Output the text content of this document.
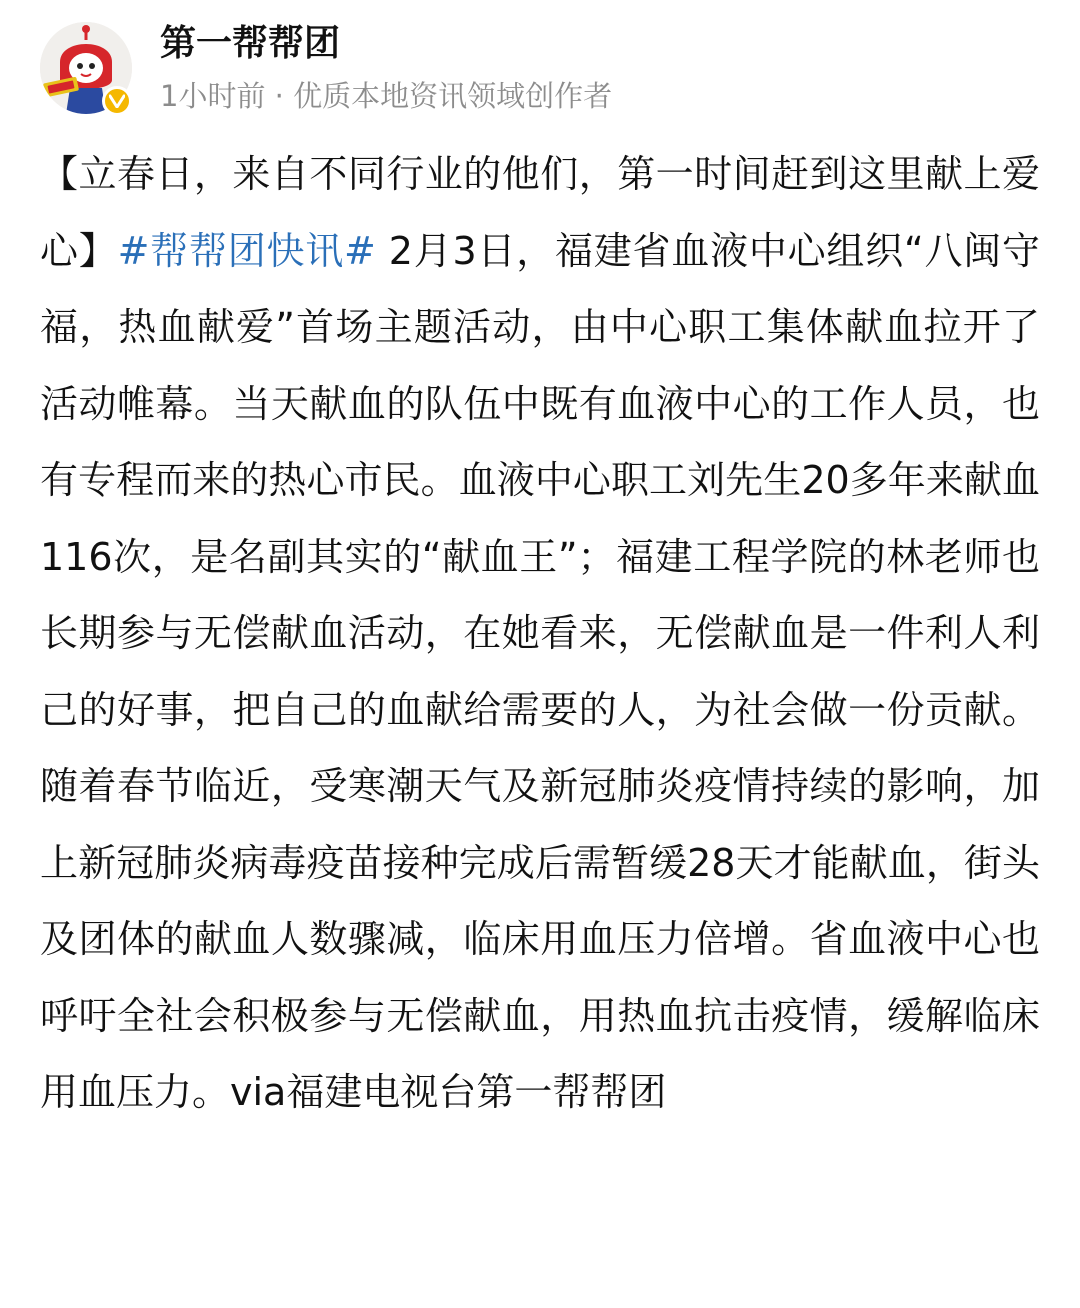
第一帮帮团
1小时前 · 优质本地资讯领域创作者
【立春日，来自不同行业的他们，第一时间赶到这里献上爱心】#帮帮团快讯# 2月3日，福建省血液中心组织“八闽守福，热血献爱”首场主题活动，由中心职工集体献血拉开了活动帷幕。当天献血的队伍中既有血液中心的工作人员，也有专程而来的热心市民。血液中心职工刘先生20多年来献血116次，是名副其实的“献血王”；福建工程学院的林老师也长期参与无偿献血活动，在她看来，无偿献血是一件利人利己的好事，把自己的血献给需要的人，为社会做一份贡献。随着春节临近，受寒潮天气及新冠肺炎疫情持续的影响，加上新冠肺炎病毒疫苗接种完成后需暂缓28天才能献血，街头及团体的献血人数骤减，临床用血压力倍增。省血液中心也呼吁全社会积极参与无偿献血，用热血抗击疫情，缓解临床用血压力。via福建电视台第一帮帮团
